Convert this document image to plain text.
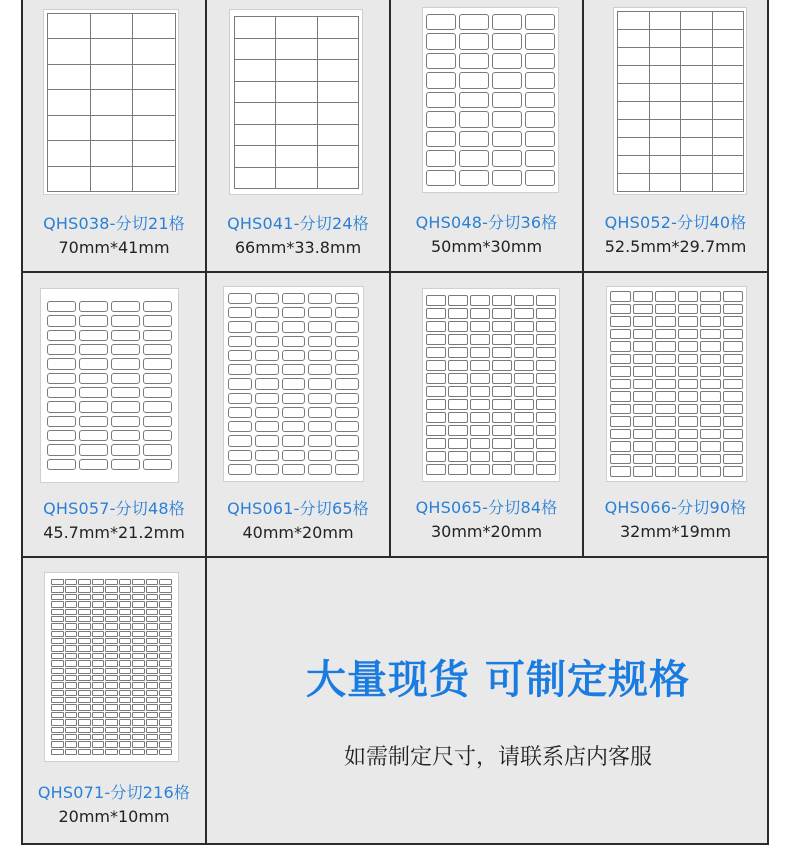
QHS038-分切21格
70mm*41mm
QHS041-分切24格
66mm*33.8mm
QHS048-分切36格
50mm*30mm
QHS052-分切40格
52.5mm*29.7mm
QHS057-分切48格
45.7mm*21.2mm
QHS061-分切65格
40mm*20mm
QHS065-分切84格
30mm*20mm
QHS066-分切90格
32mm*19mm
QHS071-分切216格
20mm*10mm
大量现货 可制定规格
如需制定尺寸，请联系店内客服
